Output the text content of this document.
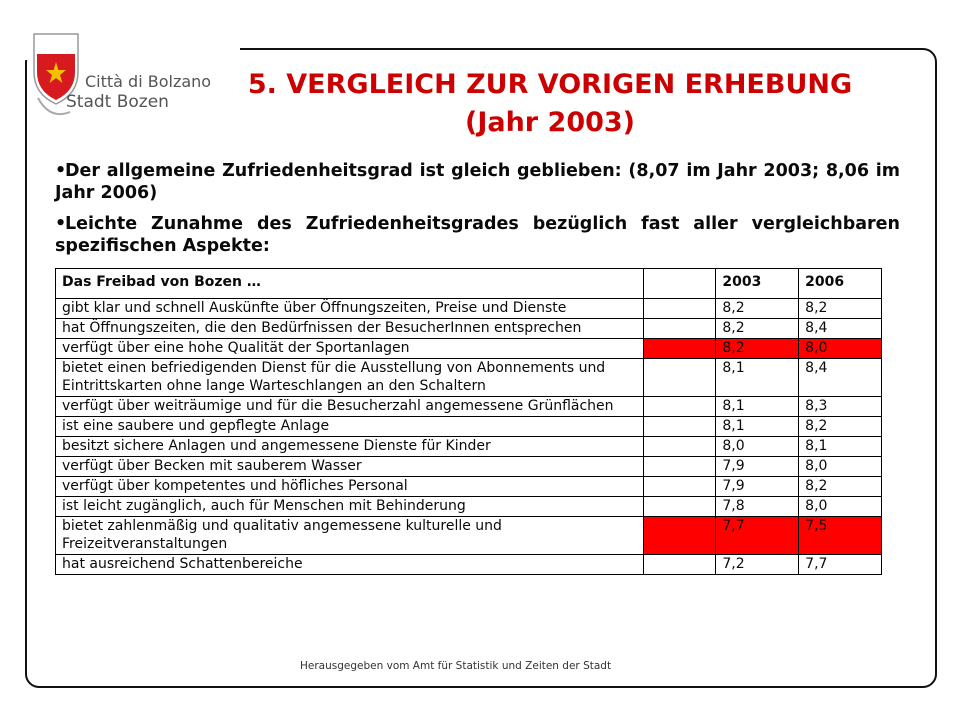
Città di Bolzano
Stadt Bozen
5. VERGLEICH ZUR VORIGEN ERHEBUNG
(Jahr 2003)
•Der allgemeine Zufriedenheitsgrad ist gleich geblieben: (8,07 im Jahr 2003; 8,06 im Jahr 2006)
•Leichte Zunahme des Zufriedenheitsgrades bezüglich fast aller vergleichbaren spezifischen Aspekte:
Das Freibad von Bozen …		2003	2006
gibt klar und schnell Auskünfte über Öffnungszeiten, Preise und Dienste		8,2	8,2
hat Öffnungszeiten, die den Bedürfnissen der BesucherInnen entsprechen		8,2	8,4
verfügt über eine hohe Qualität der Sportanlagen		8,2	8,0
bietet einen befriedigenden Dienst für die Ausstellung von Abonnements und Eintrittskarten ohne lange Warteschlangen an den Schaltern		8,1	8,4
verfügt über weiträumige und für die Besucherzahl angemessene Grünflächen		8,1	8,3
ist eine saubere und gepflegte Anlage		8,1	8,2
besitzt sichere Anlagen und angemessene Dienste für Kinder		8,0	8,1
verfügt über Becken mit sauberem Wasser		7,9	8,0
verfügt über kompetentes und höfliches Personal		7,9	8,2
ist leicht zugänglich, auch für Menschen mit Behinderung		7,8	8,0
bietet zahlenmäßig und qualitativ angemessene kulturelle und Freizeitveranstaltungen		7,7	7,5
hat ausreichend Schattenbereiche		7,2	7,7
Herausgegeben vom Amt für Statistik und Zeiten der Stadt
